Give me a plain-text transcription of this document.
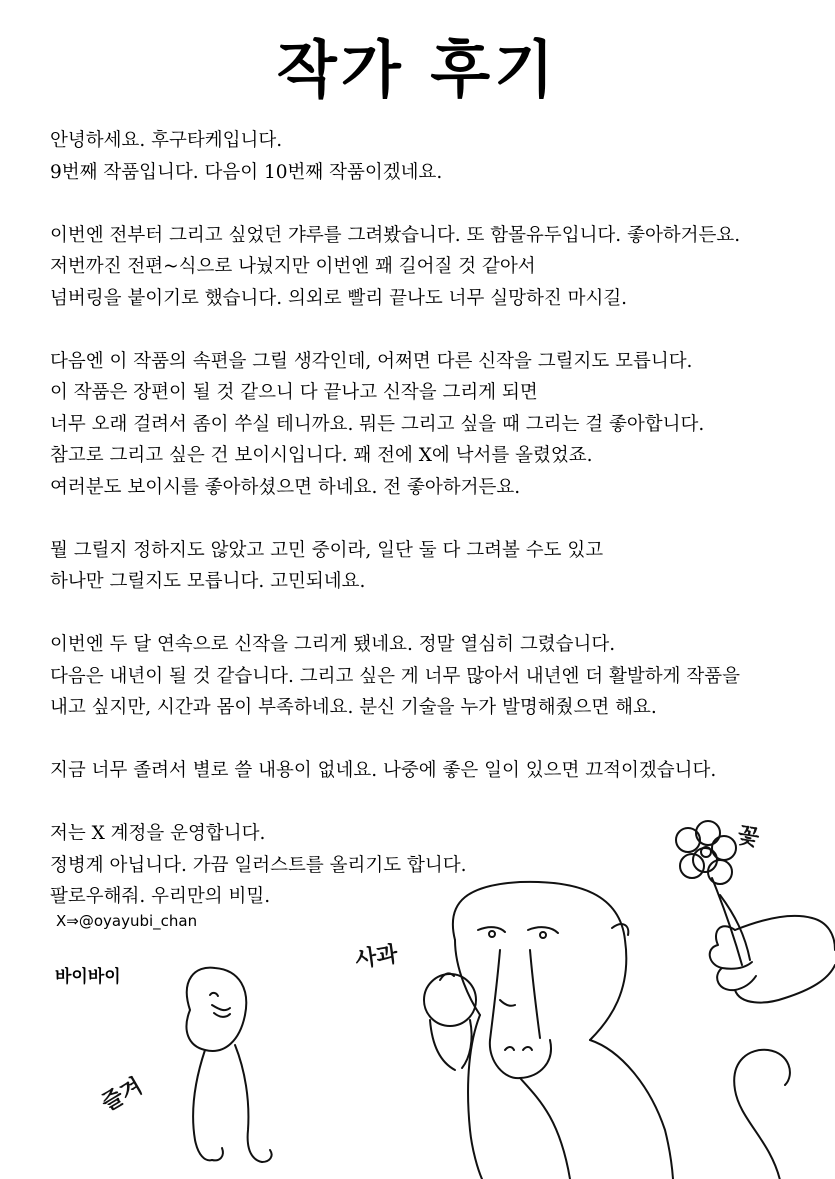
작가 후기
안녕하세요. 후구타케입니다.
9번째 작품입니다. 다음이 10번째 작품이겠네요.
이번엔 전부터 그리고 싶었던 갸루를 그려봤습니다. 또 함몰유두입니다. 좋아하거든요.
저번까진 전편~식으로 나눴지만 이번엔 꽤 길어질 것 같아서
넘버링을 붙이기로 했습니다. 의외로 빨리 끝나도 너무 실망하진 마시길.
다음엔 이 작품의 속편을 그릴 생각인데, 어쩌면 다른 신작을 그릴지도 모릅니다.
이 작품은 장편이 될 것 같으니 다 끝나고 신작을 그리게 되면
너무 오래 걸려서 좀이 쑤실 테니까요. 뭐든 그리고 싶을 때 그리는 걸 좋아합니다.
참고로 그리고 싶은 건 보이시입니다. 꽤 전에 X에 낙서를 올렸었죠.
여러분도 보이시를 좋아하셨으면 하네요. 전 좋아하거든요.
뭘 그릴지 정하지도 않았고 고민 중이라, 일단 둘 다 그려볼 수도 있고
하나만 그릴지도 모릅니다. 고민되네요.
이번엔 두 달 연속으로 신작을 그리게 됐네요. 정말 열심히 그렸습니다.
다음은 내년이 될 것 같습니다. 그리고 싶은 게 너무 많아서 내년엔 더 활발하게 작품을
내고 싶지만, 시간과 몸이 부족하네요. 분신 기술을 누가 발명해줬으면 해요.
지금 너무 졸려서 별로 쓸 내용이 없네요. 나중에 좋은 일이 있으면 끄적이겠습니다.
저는 X 계정을 운영합니다.
정병계 아닙니다. 가끔 일러스트를 올리기도 합니다.
팔로우해줘. 우리만의 비밀.
X⇒@oyayubi_chan
바이바이
꽃
사과
즐겨
